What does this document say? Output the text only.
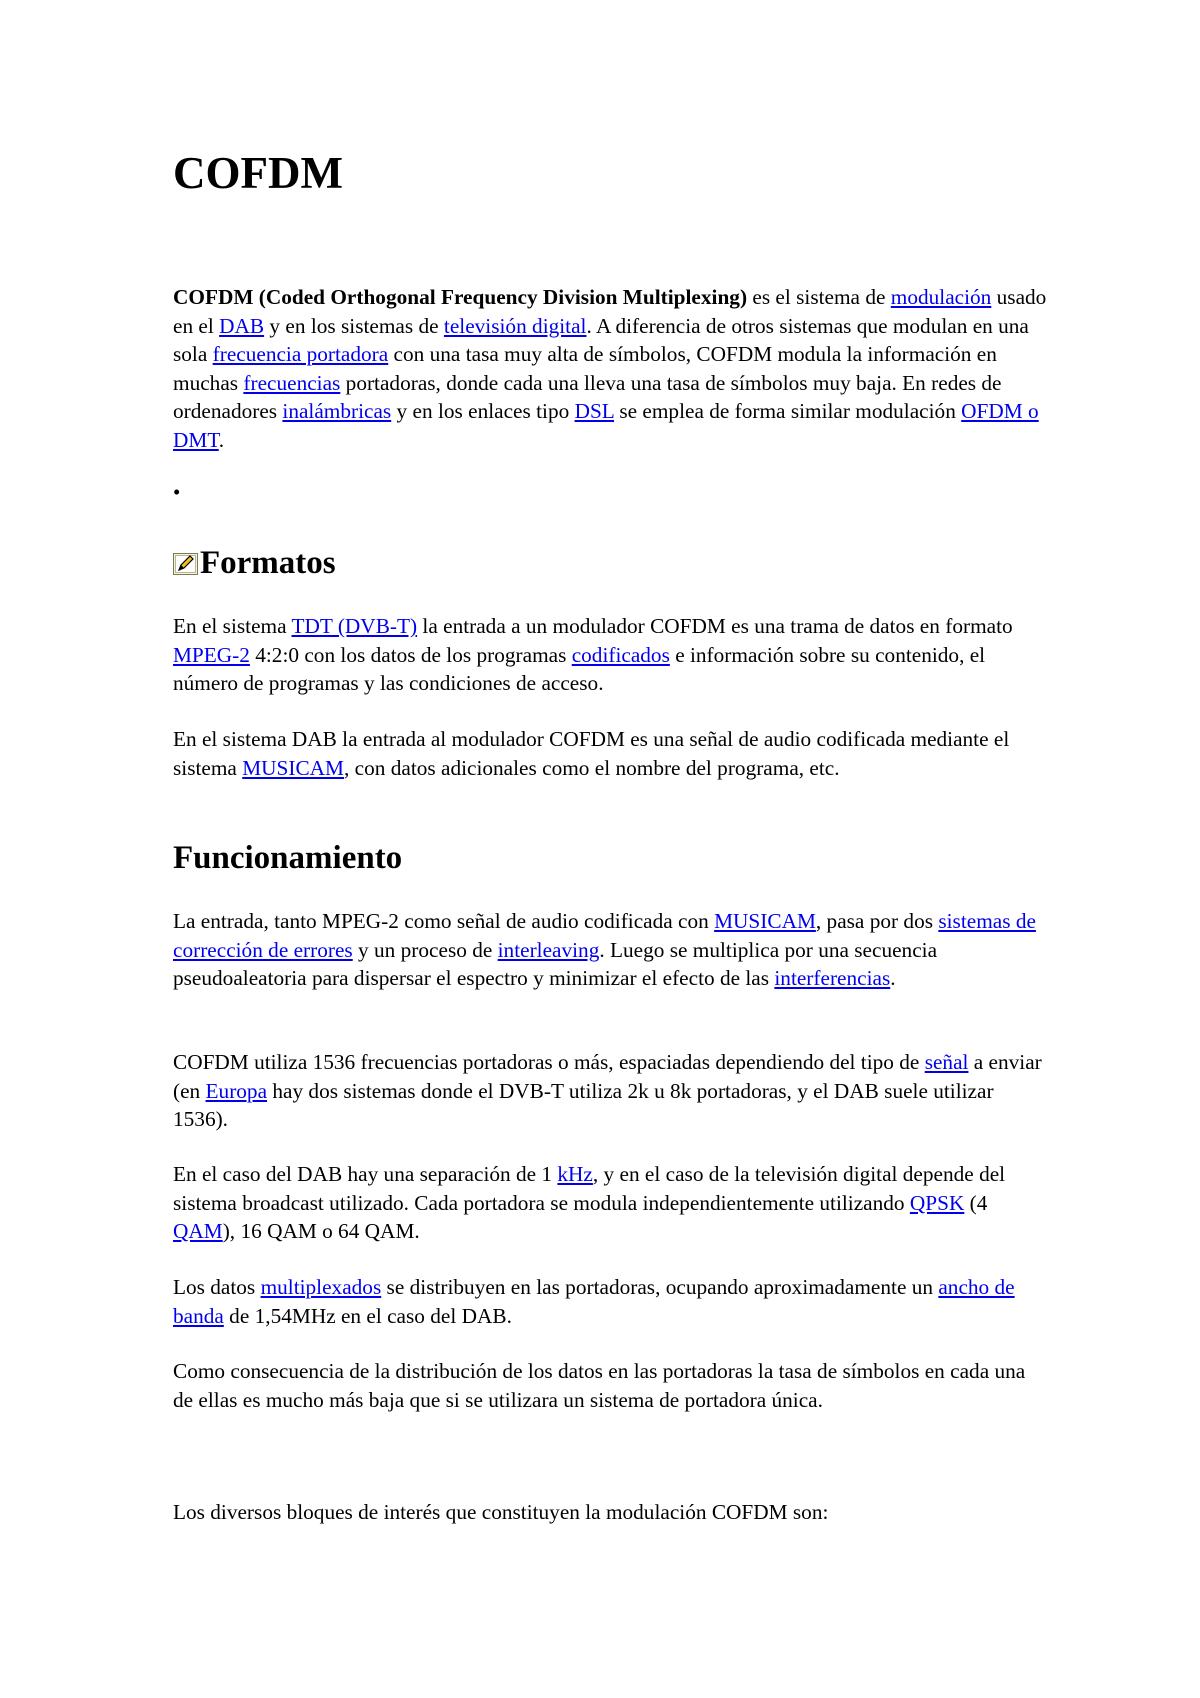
COFDM

COFDM (Coded Orthogonal Frequency Division Multiplexing) es el sistema de modulación usado en el DAB y en los sistemas de televisión digital. A diferencia de otros sistemas que modulan en una sola frecuencia portadora con una tasa muy alta de símbolos, COFDM modula la información en muchas frecuencias portadoras, donde cada una lleva una tasa de símbolos muy baja. En redes de ordenadores inalámbricas y en los enlaces tipo DSL se emplea de forma similar modulación OFDM o DMT.

•
Formatos

En el sistema TDT (DVB-T) la entrada a un modulador COFDM es una trama de datos en formato MPEG-2 4:2:0 con los datos de los programas codificados e información sobre su contenido, el número de programas y las condiciones de acceso.

En el sistema DAB la entrada al modulador COFDM es una señal de audio codificada mediante el sistema MUSICAM, con datos adicionales como el nombre del programa, etc.

Funcionamiento

La entrada, tanto MPEG-2 como señal de audio codificada con MUSICAM, pasa por dos sistemas de corrección de errores y un proceso de interleaving. Luego se multiplica por una secuencia pseudoaleatoria para dispersar el espectro y minimizar el efecto de las interferencias.

COFDM utiliza 1536 frecuencias portadoras o más, espaciadas dependiendo del tipo de señal a enviar (en Europa hay dos sistemas donde el DVB-T utiliza 2k u 8k portadoras, y el DAB suele utilizar 1536).

En el caso del DAB hay una separación de 1 kHz, y en el caso de la televisión digital depende del sistema broadcast utilizado. Cada portadora se modula independientemente utilizando QPSK (4 QAM), 16 QAM o 64 QAM.

Los datos multiplexados se distribuyen en las portadoras, ocupando aproximadamente un ancho de banda de 1,54MHz en el caso del DAB.

Como consecuencia de la distribución de los datos en las portadoras la tasa de símbolos en cada una de ellas es mucho más baja que si se utilizara un sistema de portadora única.

Los diversos bloques de interés que constituyen la modulación COFDM son:
